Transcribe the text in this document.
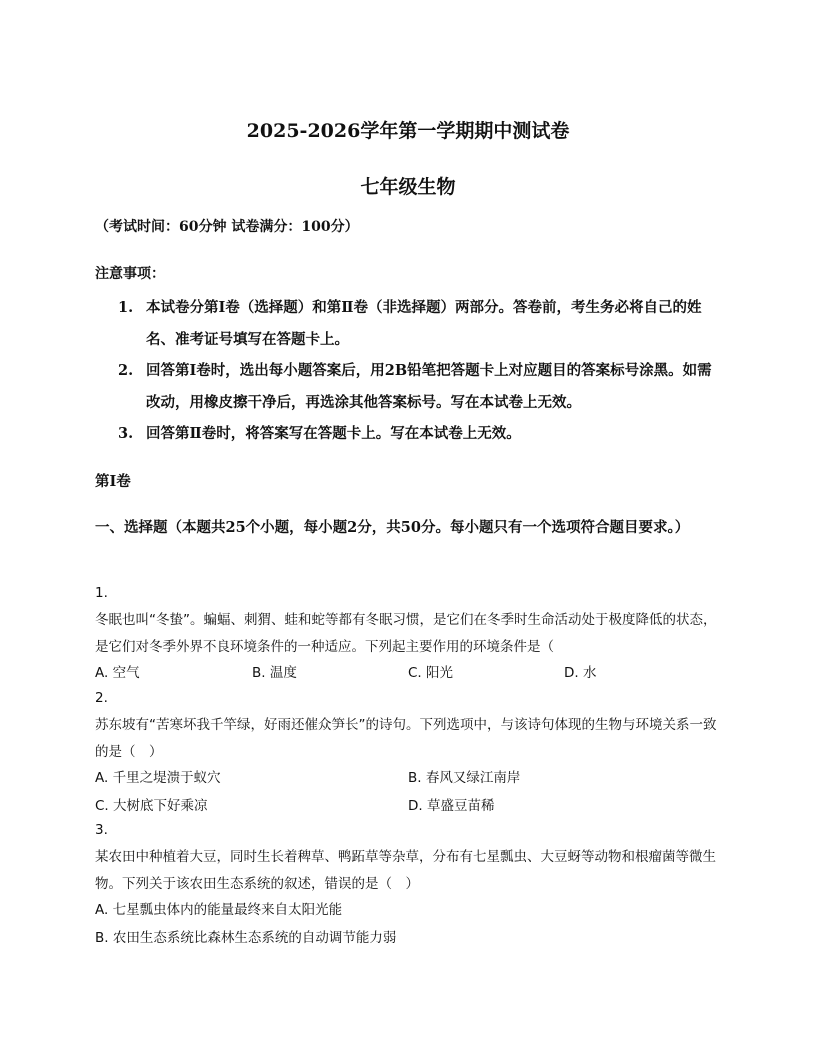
2025-2026学年第一学期期中测试卷
七年级生物
（考试时间：60分钟 试卷满分：100分）
注意事项：
1. 本试卷分第Ⅰ卷（选择题）和第Ⅱ卷（非选择题）两部分。答卷前，考生务必将自己的姓名、准考证号填写在答题卡上。
2. 回答第Ⅰ卷时，选出每小题答案后，用2B铅笔把答题卡上对应题目的答案标号涂黑。如需改动，用橡皮擦干净后，再选涂其他答案标号。写在本试卷上无效。
3. 回答第Ⅱ卷时，将答案写在答题卡上。写在本试卷上无效。
第Ⅰ卷
一、选择题（本题共25个小题，每小题2分，共50分。每小题只有一个选项符合题目要求。）
1.
冬眠也叫“冬蛰”。蝙蝠、刺猬、蛙和蛇等都有冬眠习惯，是它们在冬季时生命活动处于极度降低的状态，是它们对冬季外界不良环境条件的一种适应。下列起主要作用的环境条件是（
A. 空气	B. 温度	C. 阳光	D. 水
2.
苏东坡有“苦寒坏我千竿绿，好雨还催众笋长”的诗句。下列选项中，与该诗句体现的生物与环境关系一致的是（　）
A. 千里之堤溃于蚁穴	B. 春风又绿江南岸
C. 大树底下好乘凉	D. 草盛豆苗稀
3.
某农田中种植着大豆，同时生长着稗草、鸭跖草等杂草，分布有七星瓢虫、大豆蚜等动物和根瘤菌等微生物。下列关于该农田生态系统的叙述，错误的是（　）
A. 七星瓢虫体内的能量最终来自太阳光能
B. 农田生态系统比森林生态系统的自动调节能力弱
